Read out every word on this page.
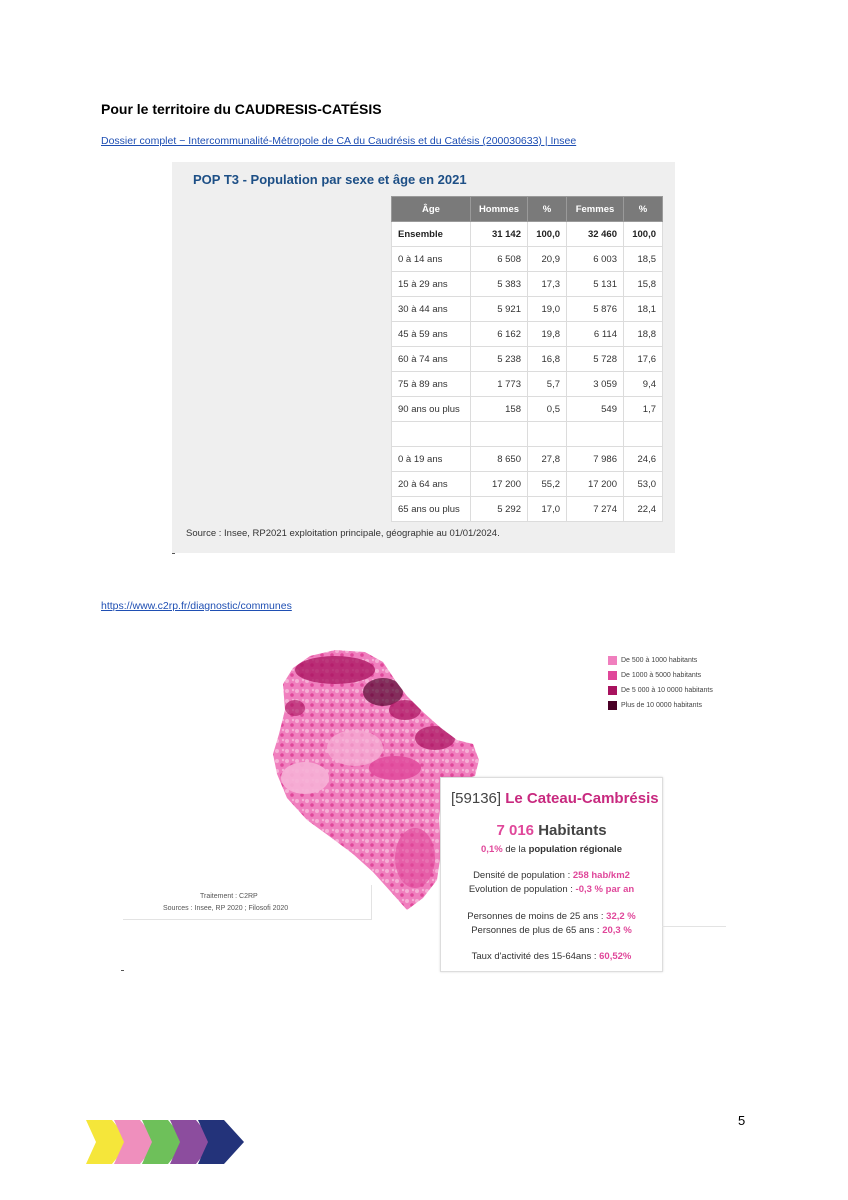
Pour le territoire du CAUDRESIS-CATÉSIS
Dossier complet − Intercommunalité-Métropole de CA du Caudrésis et du Catésis (200030633) | Insee
POP T3 - Population par sexe et âge en 2021
Âge	Hommes	%	Femmes	%
Ensemble	31 142	100,0	32 460	100,0
0 à 14 ans	6 508	20,9	6 003	18,5
15 à 29 ans	5 383	17,3	5 131	15,8
30 à 44 ans	5 921	19,0	5 876	18,1
45 à 59 ans	6 162	19,8	6 114	18,8
60 à 74 ans	5 238	16,8	5 728	17,6
75 à 89 ans	1 773	5,7	3 059	9,4
90 ans ou plus	158	0,5	549	1,7

0 à 19 ans	8 650	27,8	7 986	24,6
20 à 64 ans	17 200	55,2	17 200	53,0
65 ans ou plus	5 292	17,0	7 274	22,4

Source : Insee, RP2021 exploitation principale, géographie au 01/01/2024.

https://www.c2rp.fr/diagnostic/communes
De 500 à 1000 habitants
De 1000 à 5000 habitants
De 5 000 à 10 0000 habitants
Plus de 10 0000 habitants
Traitement : C2RP
Sources : Insee, RP 2020 ; Filosofi 2020
[59136] Le Cateau-Cambrésis
7 016 Habitants
0,1% de la population régionale
Densité de population : 258 hab/km2
Evolution de population : -0,3 % par an
Personnes de moins de 25 ans : 32,2 %
Personnes de plus de 65 ans : 20,3 %
Taux d'activité des 15-64ans : 60,52%
5
